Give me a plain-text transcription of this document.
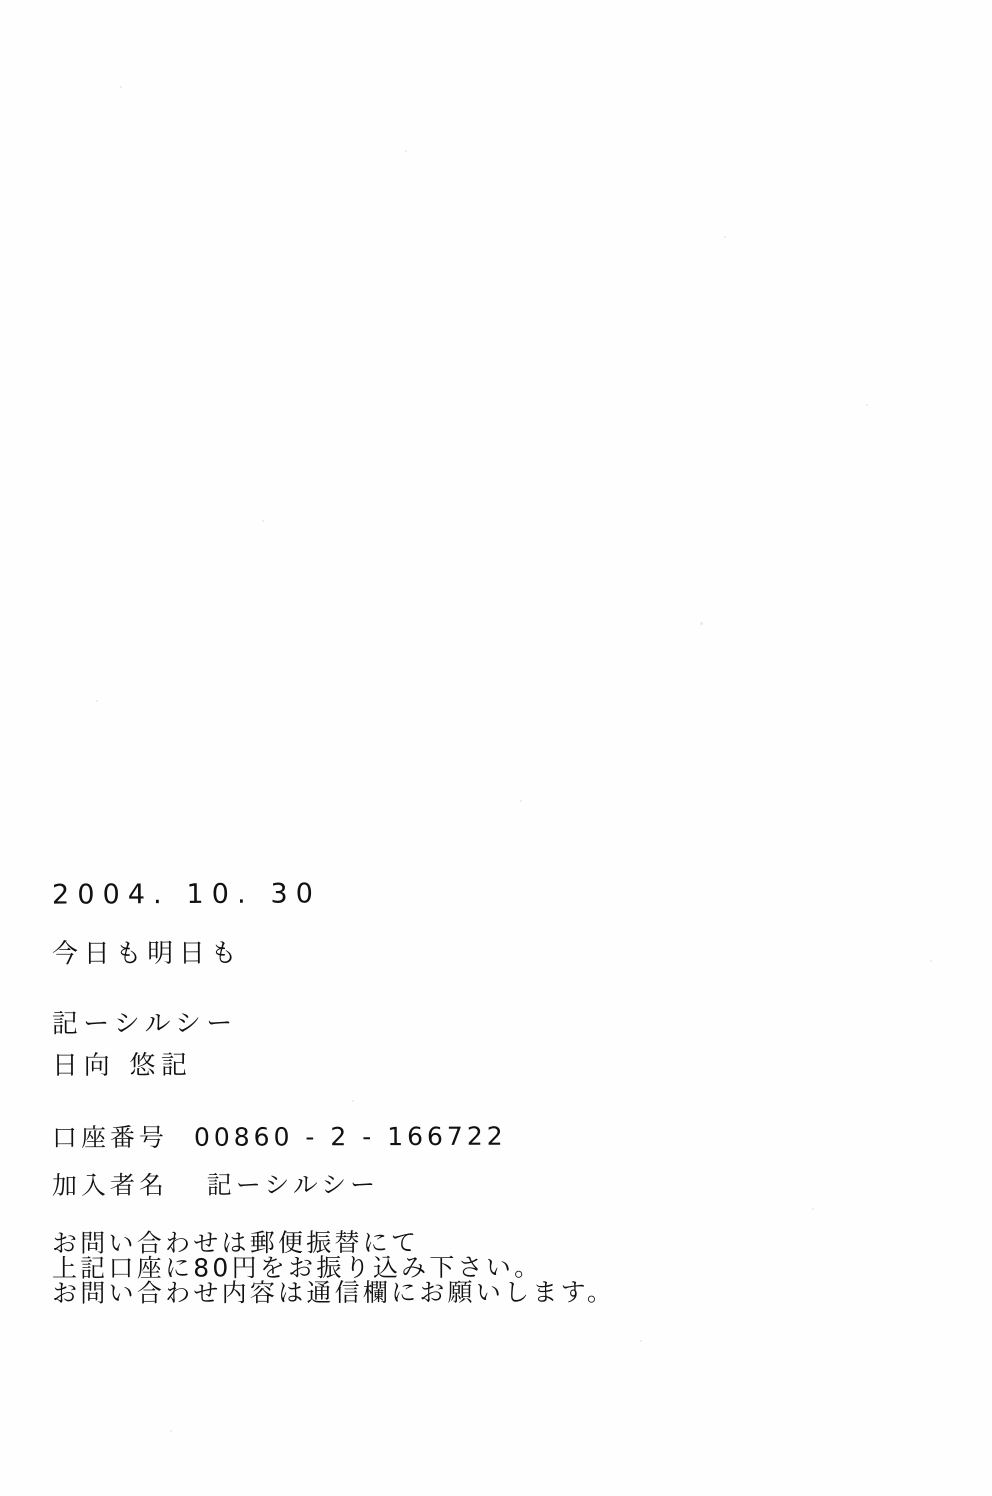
2004. 10. 30
今日も明日も
記ーシルシー
日向 悠記
口座番号 00860 - 2 - 166722
加入者名 記ーシルシー
お問い合わせは郵便振替にて
上記口座に80円をお振り込み下さい。
お問い合わせ内容は通信欄にお願いします。
